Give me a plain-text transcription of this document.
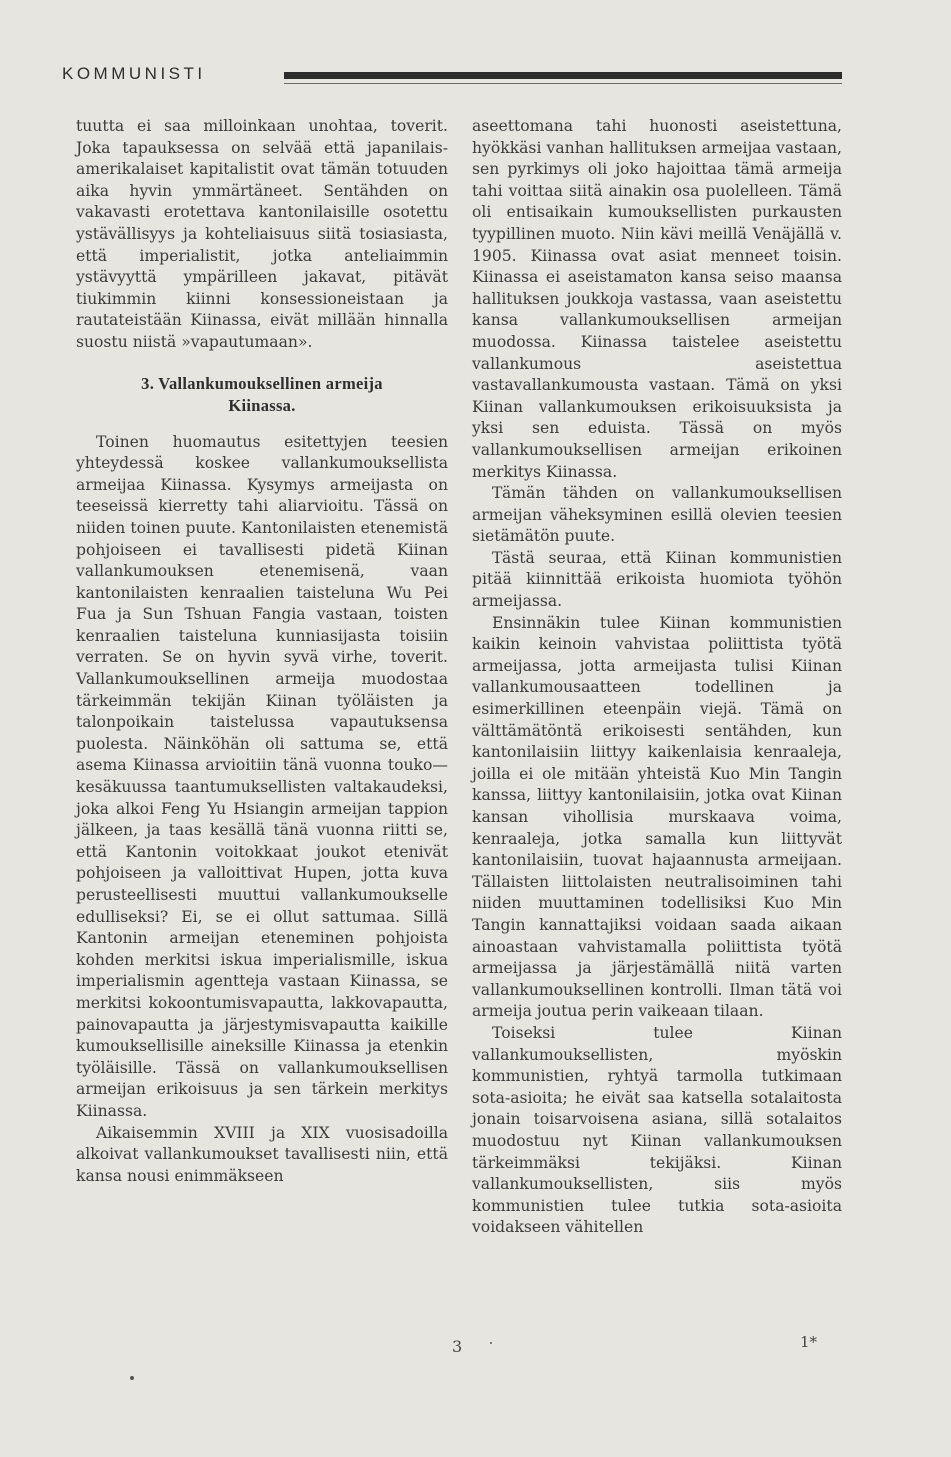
KOMMUNISTI

tuutta ei saa milloinkaan unohtaa, toverit. Joka tapauksessa on selvää että japanilais-amerikalaiset kapitalistit ovat tämän totuuden aika hyvin ymmärtäneet. Sentähden on vakavasti erotettava kantonilaisille osotettu ystävällisyys ja kohteliaisuus siitä tosiasiasta, että imperialistit, jotka anteliaimmin ystävyyttä ympärilleen jakavat, pitävät tiukimmin kiinni konsessioneistaan ja rautateistään Kiinassa, eivät millään hinnalla suostu niistä »vapautumaan».

3. Vallankumouksellinen armeija
Kiinassa.

Toinen huomautus esitettyjen teesien yhteydessä koskee vallankumouksellista armeijaa Kiinassa. Kysymys armeijasta on teeseissä kierretty tahi aliarvioitu. Tässä on niiden toinen puute. Kantonilaisten etenemistä pohjoiseen ei tavallisesti pidetä Kiinan vallankumouksen etenemisenä, vaan kantonilaisten kenraalien taisteluna Wu Pei Fua ja Sun Tshuan Fangia vastaan, toisten kenraalien taisteluna kunniasijasta toisiin verraten. Se on hyvin syvä virhe, toverit. Vallankumouksellinen armeija muodostaa tärkeimmän tekijän Kiinan työläisten ja talonpoikain taistelussa vapautuksensa puolesta. Näinköhän oli sattuma se, että asema Kiinassa arvioitiin tänä vuonna touko—kesäkuussa taantumuksellisten valtakaudeksi, joka alkoi Feng Yu Hsiangin armeijan tappion jälkeen, ja taas kesällä tänä vuonna riitti se, että Kantonin voitokkaat joukot etenivät pohjoiseen ja valloittivat Hupen, jotta kuva perusteellisesti muuttui vallankumoukselle edulliseksi? Ei, se ei ollut sattumaa. Sillä Kantonin armeijan eteneminen pohjoista kohden merkitsi iskua imperialismille, iskua imperialismin agentteja vastaan Kiinassa, se merkitsi kokoontumisvapautta, lakkovapautta, painovapautta ja järjestymisvapautta kaikille kumouksellisille aineksille Kiinassa ja etenkin työläisille. Tässä on vallankumouksellisen armeijan erikoisuus ja sen tärkein merkitys Kiinassa.

Aikaisemmin XVIII ja XIX vuosisadoilla alkoivat vallankumoukset tavallisesti niin, että kansa nousi enimmäkseen

aseettomana tahi huonosti aseistettuna, hyökkäsi vanhan hallituksen armeijaa vastaan, sen pyrkimys oli joko hajoittaa tämä armeija tahi voittaa siitä ainakin osa puolelleen. Tämä oli entisaikain kumouksellisten purkausten tyypillinen muoto. Niin kävi meillä Venäjällä v. 1905. Kiinassa ovat asiat menneet toisin. Kiinassa ei aseistamaton kansa seiso maansa hallituksen joukkoja vastassa, vaan aseistettu kansa vallankumouksellisen armeijan muodossa. Kiinassa taistelee aseistettu vallankumous aseistettua vastavallankumousta vastaan. Tämä on yksi Kiinan vallankumouksen erikoisuuksista ja yksi sen eduista. Tässä on myös vallankumouksellisen armeijan erikoinen merkitys Kiinassa.

Tämän tähden on vallankumouksellisen armeijan väheksyminen esillä olevien teesien sietämätön puute.

Tästä seuraa, että Kiinan kommunistien pitää kiinnittää erikoista huomiota työhön armeijassa.

Ensinnäkin tulee Kiinan kommunistien kaikin keinoin vahvistaa poliittista työtä armeijassa, jotta armeijasta tulisi Kiinan vallankumousaatteen todellinen ja esimerkillinen eteenpäin viejä. Tämä on välttämätöntä erikoisesti sentähden, kun kantonilaisiin liittyy kaikenlaisia kenraaleja, joilla ei ole mitään yhteistä Kuo Min Tangin kanssa, liittyy kantonilaisiin, jotka ovat Kiinan kansan vihollisia murskaava voima, kenraaleja, jotka samalla kun liittyvät kantonilaisiin, tuovat hajaannusta armeijaan. Tällaisten liittolaisten neutralisoiminen tahi niiden muuttaminen todellisiksi Kuo Min Tangin kannattajiksi voidaan saada aikaan ainoastaan vahvistamalla poliittista työtä armeijassa ja järjestämällä niitä varten vallankumouksellinen kontrolli. Ilman tätä voi armeija joutua perin vaikeaan tilaan.

Toiseksi tulee Kiinan vallankumouksellisten, myöskin kommunistien, ryhtyä tarmolla tutkimaan sota-asioita; he eivät saa katsella sotalaitosta jonain toisarvoisena asiana, sillä sotalaitos muodostuu nyt Kiinan vallankumouksen tärkeimmäksi tekijäksi. Kiinan vallankumouksellisten, siis myös kommunistien tulee tutkia sota-asioita voidakseen vähitellen

3	1*
